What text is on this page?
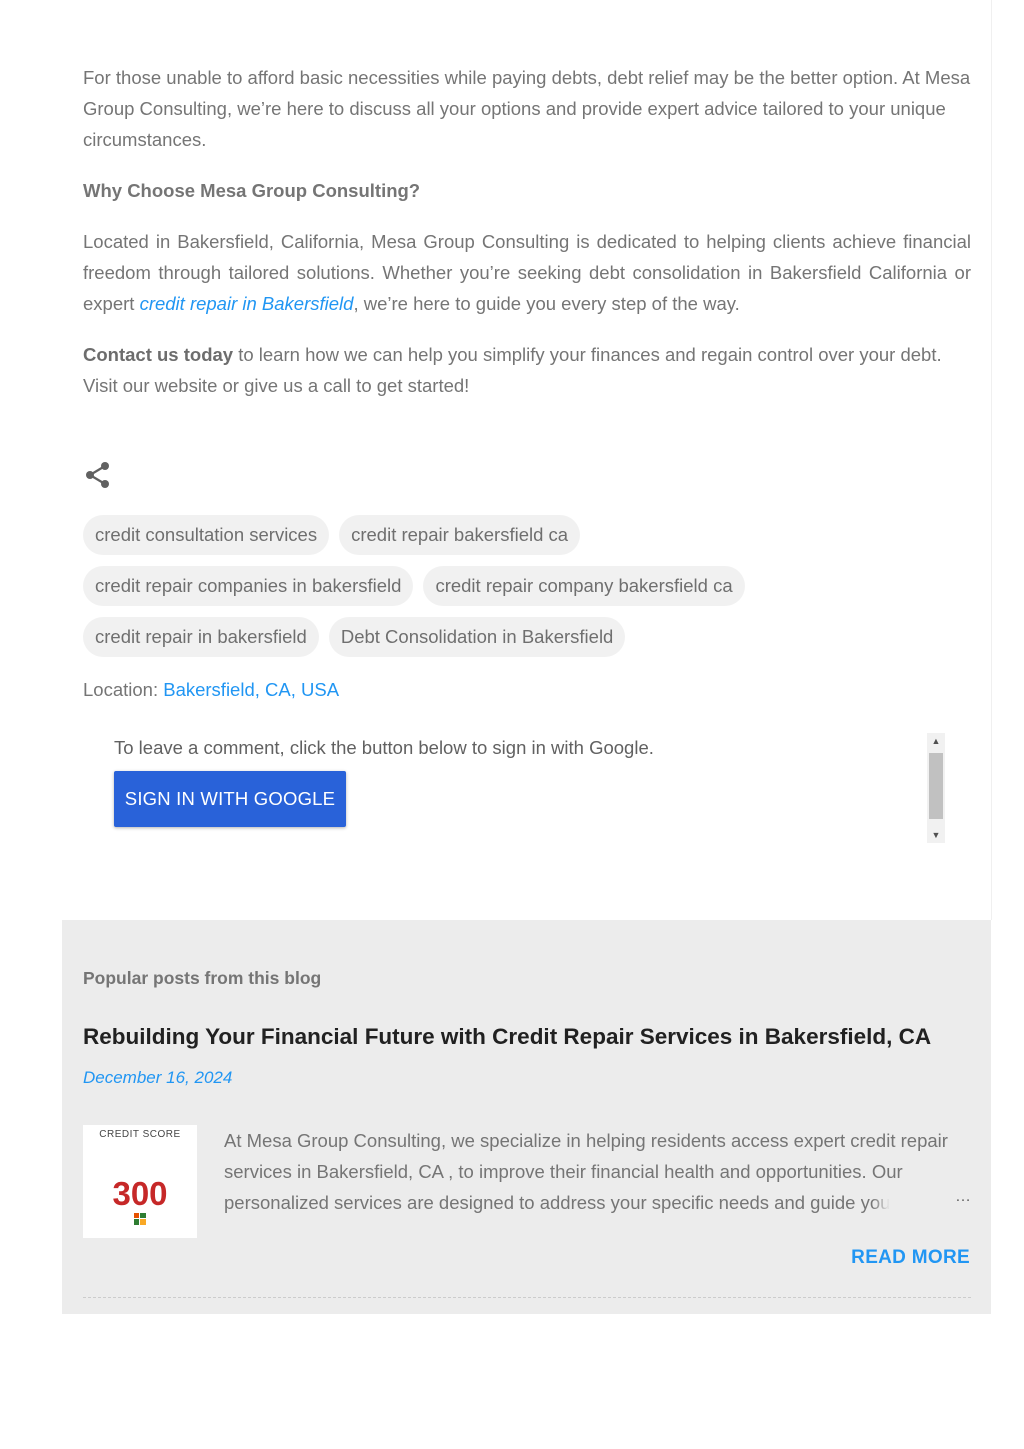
For those unable to afford basic necessities while paying debts, debt relief may be the better option. At Mesa Group Consulting, we’re here to discuss all your options and provide expert advice tailored to your unique circumstances.

Why Choose Mesa Group Consulting?

Located in Bakersfield, California, Mesa Group Consulting is dedicated to helping clients achieve financial freedom through tailored solutions. Whether you’re seeking debt consolidation in Bakersfield California or expert credit repair in Bakersfield, we’re here to guide you every step of the way.

Contact us today to learn how we can help you simplify your finances and regain control over your debt. Visit our website or give us a call to get started!

credit consultation services	credit repair bakersfield ca
credit repair companies in bakersfield	credit repair company bakersfield ca
credit repair in bakersfield	Debt Consolidation in Bakersfield
Location: Bakersfield, CA, USA
To leave a comment, click the button below to sign in with Google.
SIGN IN WITH GOOGLE
▲
▼
Popular posts from this blog
Rebuilding Your Financial Future with Credit Repair Services in Bakersfield, CA
December 16, 2024
CREDIT SCORE
300
At Mesa Group Consulting, we specialize in helping residents access expert credit repair services in Bakersfield, CA , to improve their financial health and opportunities. Our personalized services are designed to address your specific needs and guide you	…
READ MORE
